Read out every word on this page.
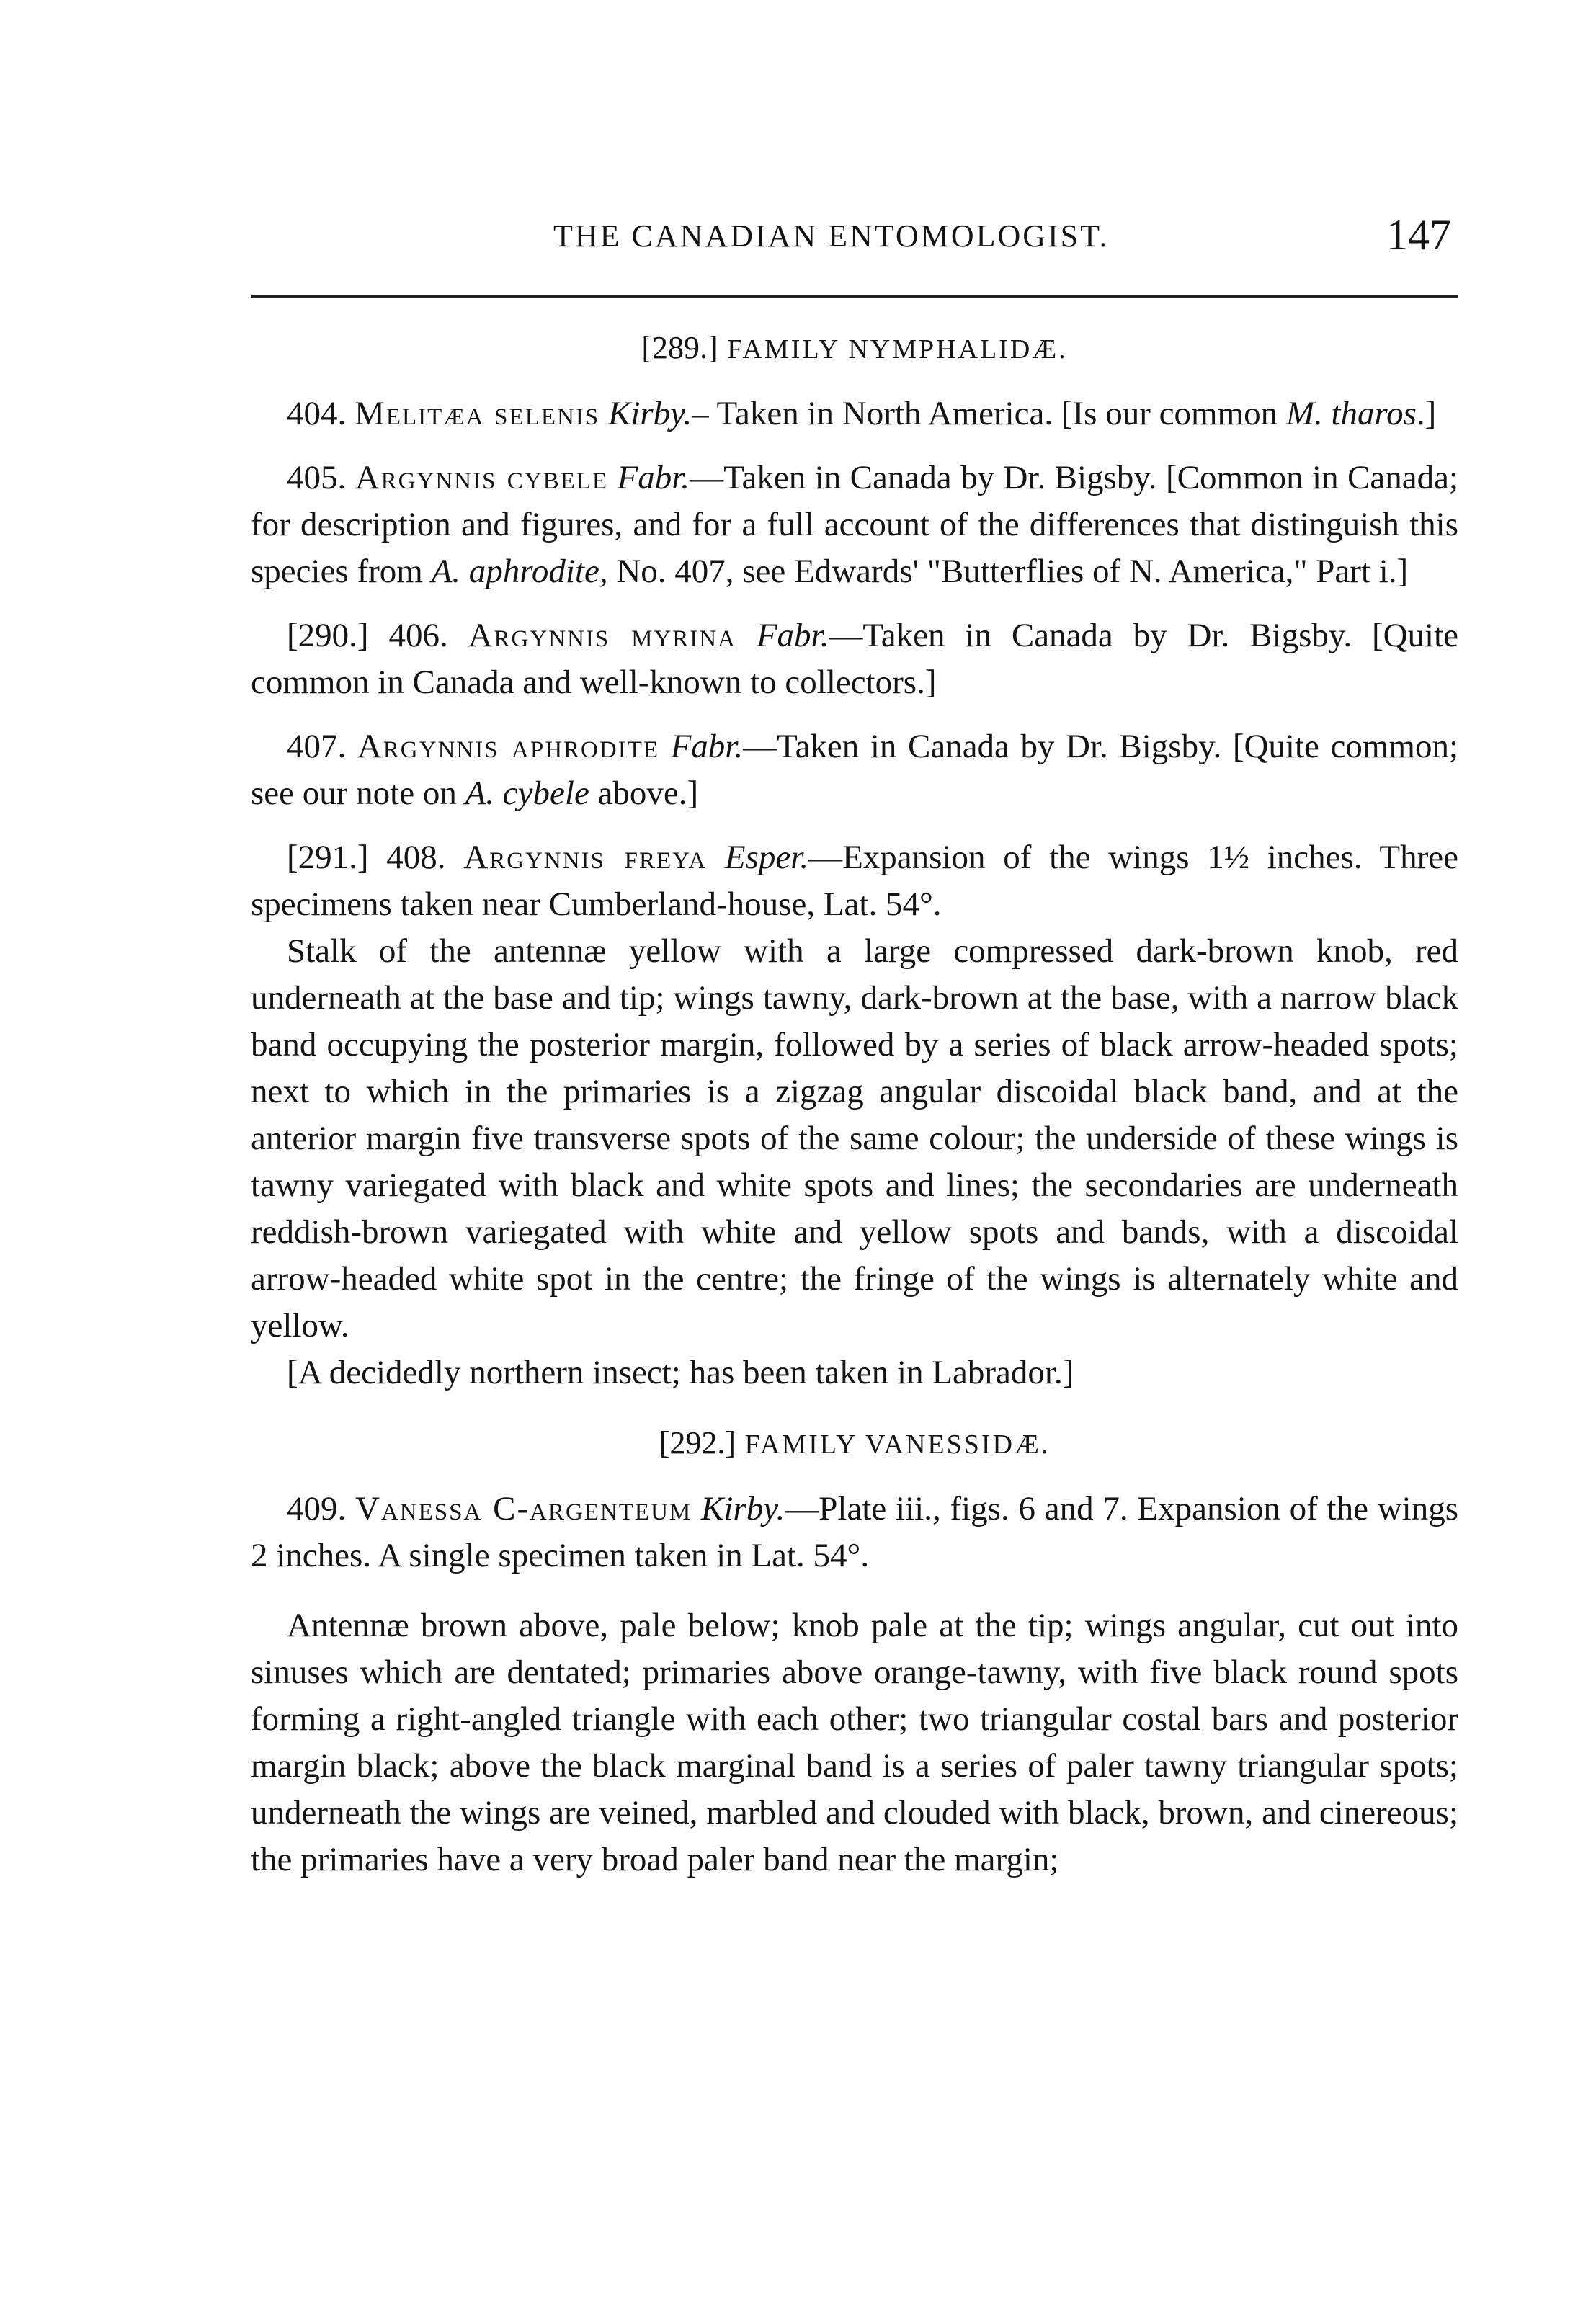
THE CANADIAN ENTOMOLOGIST.	147

[289.] FAMILY NYMPHALIDÆ.

404. Melitæa selenis Kirby.– Taken in North America. [Is our common M. tharos.]

405. Argynnis cybele Fabr.—Taken in Canada by Dr. Bigsby. [Common in Canada; for description and figures, and for a full account of the differences that distinguish this species from A. aphrodite, No. 407, see Edwards' "Butterflies of N. America," Part i.]

[290.] 406. Argynnis myrina Fabr.—Taken in Canada by Dr. Bigsby. [Quite common in Canada and well-known to collectors.]

407. Argynnis aphrodite Fabr.—Taken in Canada by Dr. Bigsby. [Quite common; see our note on A. cybele above.]

[291.] 408. Argynnis freya Esper.—Expansion of the wings 1½ inches. Three specimens taken near Cumberland-house, Lat. 54°.

Stalk of the antennæ yellow with a large compressed dark-brown knob, red underneath at the base and tip; wings tawny, dark-brown at the base, with a narrow black band occupying the posterior margin, followed by a series of black arrow-headed spots; next to which in the primaries is a zigzag angular discoidal black band, and at the anterior margin five transverse spots of the same colour; the underside of these wings is tawny variegated with black and white spots and lines; the secondaries are underneath reddish-brown variegated with white and yellow spots and bands, with a discoidal arrow-headed white spot in the centre; the fringe of the wings is alternately white and yellow.

[A decidedly northern insect; has been taken in Labrador.]

[292.] FAMILY VANESSIDÆ.

409. Vanessa C-argenteum Kirby.—Plate iii., figs. 6 and 7. Expansion of the wings 2 inches. A single specimen taken in Lat. 54°.

Antennæ brown above, pale below; knob pale at the tip; wings angular, cut out into sinuses which are dentated; primaries above orange-tawny, with five black round spots forming a right-angled triangle with each other; two triangular costal bars and posterior margin black; above the black marginal band is a series of paler tawny triangular spots; underneath the wings are veined, marbled and clouded with black, brown, and cinereous; the primaries have a very broad paler band near the margin;
